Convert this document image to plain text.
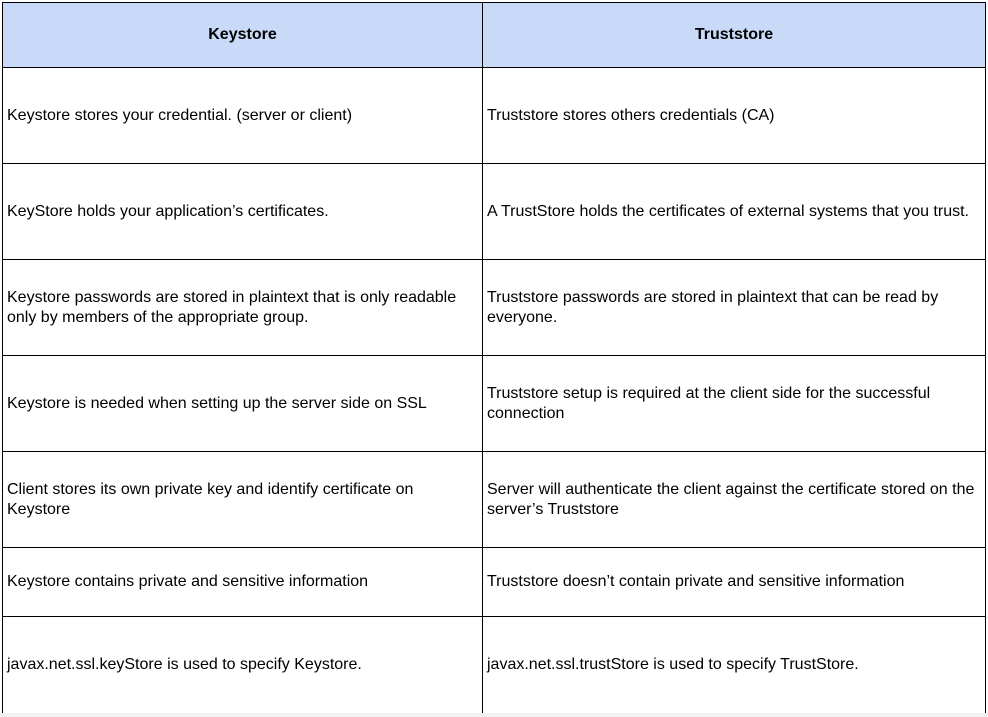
Keystore	Truststore
Keystore stores your credential. (server or client)	Truststore stores others credentials (CA)
KeyStore holds your application’s certificates.	A TrustStore holds the certificates of external systems that you trust.
Keystore passwords are stored in plaintext that is only readable only by members of the appropriate group.	Truststore passwords are stored in plaintext that can be read by everyone.
Keystore is needed when setting up the server side on SSL	Truststore setup is required at the client side for the successful connection
Client stores its own private key and identify certificate on Keystore	Server will authenticate the client against the certificate stored on the server’s Truststore
Keystore contains private and sensitive information	Truststore doesn’t contain private and sensitive information
javax.net.ssl.keyStore is used to specify Keystore.	javax.net.ssl.trustStore is used to specify TrustStore.
